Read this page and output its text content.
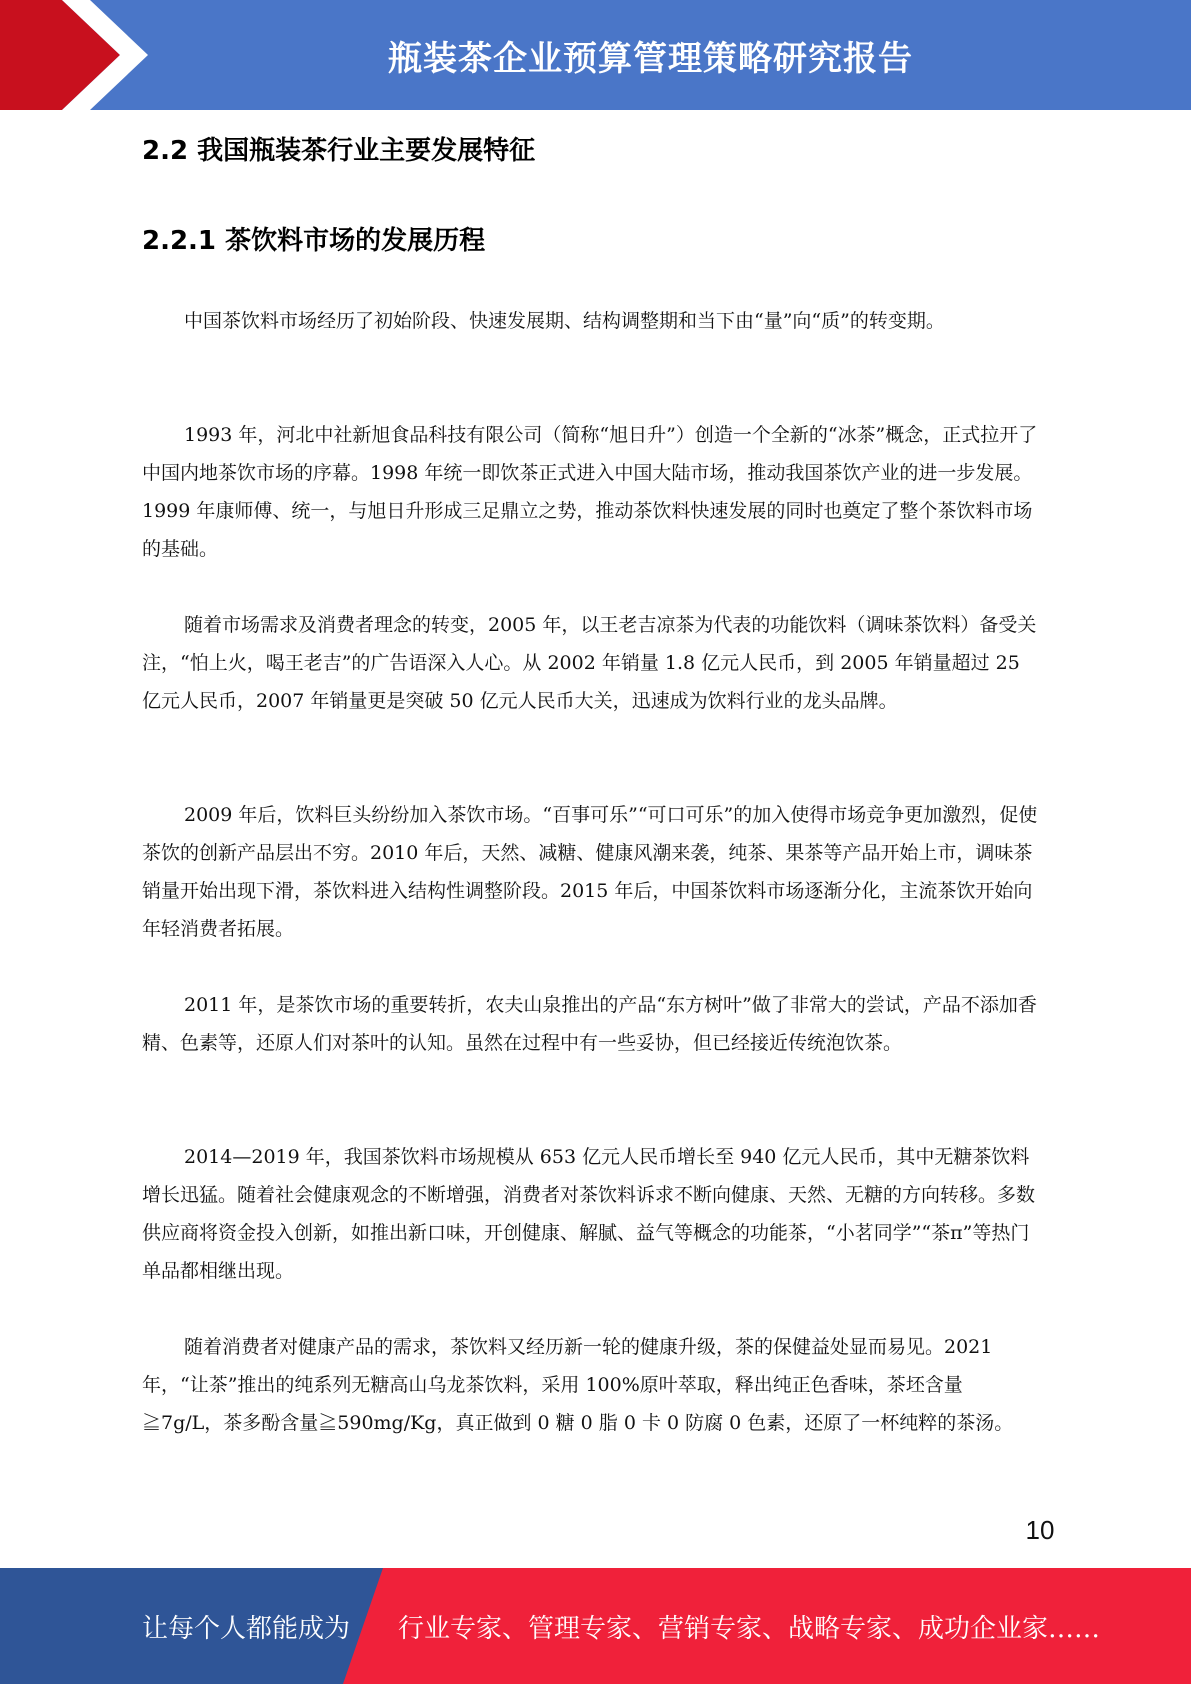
瓶装茶企业预算管理策略研究报告
2.2 我国瓶装茶行业主要发展特征
2.2.1 茶饮料市场的发展历程

中国茶饮料市场经历了初始阶段、快速发展期、结构调整期和当下由“量”向“质”的转变期。

1993 年，河北中社新旭食品科技有限公司（简称“旭日升”）创造一个全新的“冰茶”概念，正式拉开了中国内地茶饮市场的序幕。1998 年统一即饮茶正式进入中国大陆市场，推动我国茶饮产业的进一步发展。1999 年康师傅、统一，与旭日升形成三足鼎立之势，推动茶饮料快速发展的同时也奠定了整个茶饮料市场的基础。

随着市场需求及消费者理念的转变，2005 年，以王老吉凉茶为代表的功能饮料（调味茶饮料）备受关注，“怕上火，喝王老吉”的广告语深入人心。从 2002 年销量 1.8 亿元人民币，到 2005 年销量超过 25 亿元人民币，2007 年销量更是突破 50 亿元人民币大关，迅速成为饮料行业的龙头品牌。

2009 年后，饮料巨头纷纷加入茶饮市场。“百事可乐”“可口可乐”的加入使得市场竞争更加激烈，促使茶饮的创新产品层出不穷。2010 年后，天然、减糖、健康风潮来袭，纯茶、果茶等产品开始上市，调味茶销量开始出现下滑，茶饮料进入结构性调整阶段。2015 年后，中国茶饮料市场逐渐分化，主流茶饮开始向年轻消费者拓展。

2011 年，是茶饮市场的重要转折，农夫山泉推出的产品“东方树叶”做了非常大的尝试，产品不添加香精、色素等，还原人们对茶叶的认知。虽然在过程中有一些妥协，但已经接近传统泡饮茶。

2014—2019 年，我国茶饮料市场规模从 653 亿元人民币增长至 940 亿元人民币，其中无糖茶饮料增长迅猛。随着社会健康观念的不断增强，消费者对茶饮料诉求不断向健康、天然、无糖的方向转移。多数供应商将资金投入创新，如推出新口味，开创健康、解腻、益气等概念的功能茶，“小茗同学”“茶π”等热门单品都相继出现。

随着消费者对健康产品的需求，茶饮料又经历新一轮的健康升级，茶的保健益处显而易见。2021 年，“让茶”推出的纯系列无糖高山乌龙茶饮料，采用 100%原叶萃取，释出纯正色香味，茶坯含量≧7g/L，茶多酚含量≧590mg/Kg，真正做到 0 糖 0 脂 0 卡 0 防腐 0 色素，还原了一杯纯粹的茶汤。

10
让每个人都能成为 行业专家、管理专家、营销专家、战略专家、成功企业家……
